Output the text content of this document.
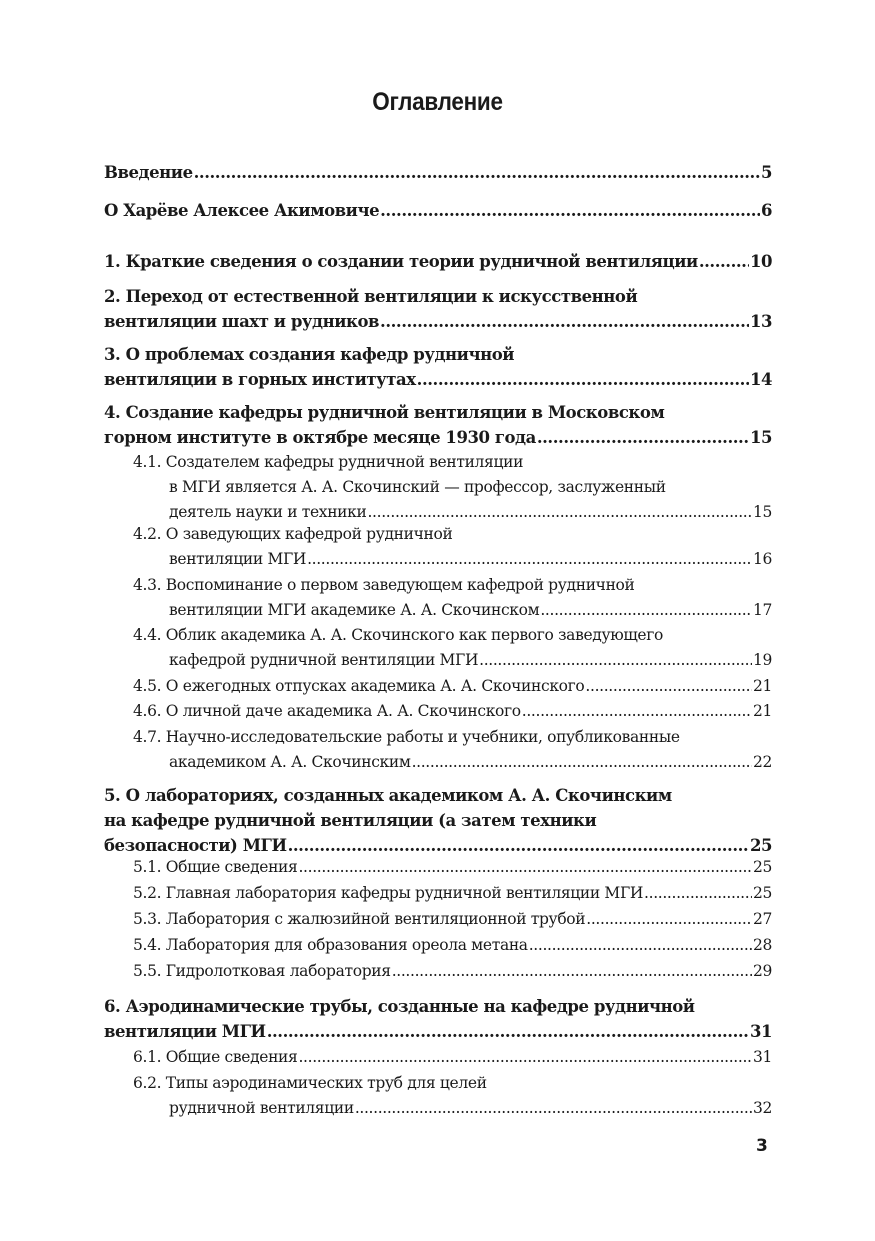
Оглавление
Введение .....	5
О Харёве Алексее Акимовиче .....	6
1. Краткие сведения о создании теории рудничной вентиляции .....	10
2. Переход от естественной вентиляции к искусственной
вентиляции шахт и рудников .....	13
3. О проблемах создания кафедр рудничной
вентиляции в горных институтах .....	14
4. Создание кафедры рудничной вентиляции в Московском
горном институте в октябре месяце 1930 года .....	15
4.1. Создателем кафедры рудничной вентиляции
в МГИ является А. А. Скочинский — профессор, заслуженный
деятель науки и техники .....	15
4.2. О заведующих кафедрой рудничной
вентиляции МГИ .....	16
4.3. Воспоминание о первом заведующем кафедрой рудничной
вентиляции МГИ академике А. А. Скочинском .....	17
4.4. Облик академика А. А. Скочинского как первого заведующего
кафедрой рудничной вентиляции МГИ .....	19
4.5. О ежегодных отпусках академика А. А. Скочинского .....	21
4.6. О личной даче академика А. А. Скочинского .....	21
4.7. Научно-исследовательские работы и учебники, опубликованные
академиком А. А. Скочинским .....	22
5. О лабораториях, созданных академиком А. А. Скочинским
на кафедре рудничной вентиляции (а затем техники
безопасности) МГИ .....	25
5.1. Общие сведения .....	25
5.2. Главная лаборатория кафедры рудничной вентиляции МГИ .....	25
5.3. Лаборатория с жалюзийной вентиляционной трубой .....	27
5.4. Лаборатория для образования ореола метана .....	28
5.5. Гидролотковая лаборатория .....	29
6. Аэродинамические трубы, созданные на кафедре рудничной
вентиляции МГИ .....	31
6.1. Общие сведения .....	31
6.2. Типы аэродинамических труб для целей
рудничной вентиляции .....	32
3
